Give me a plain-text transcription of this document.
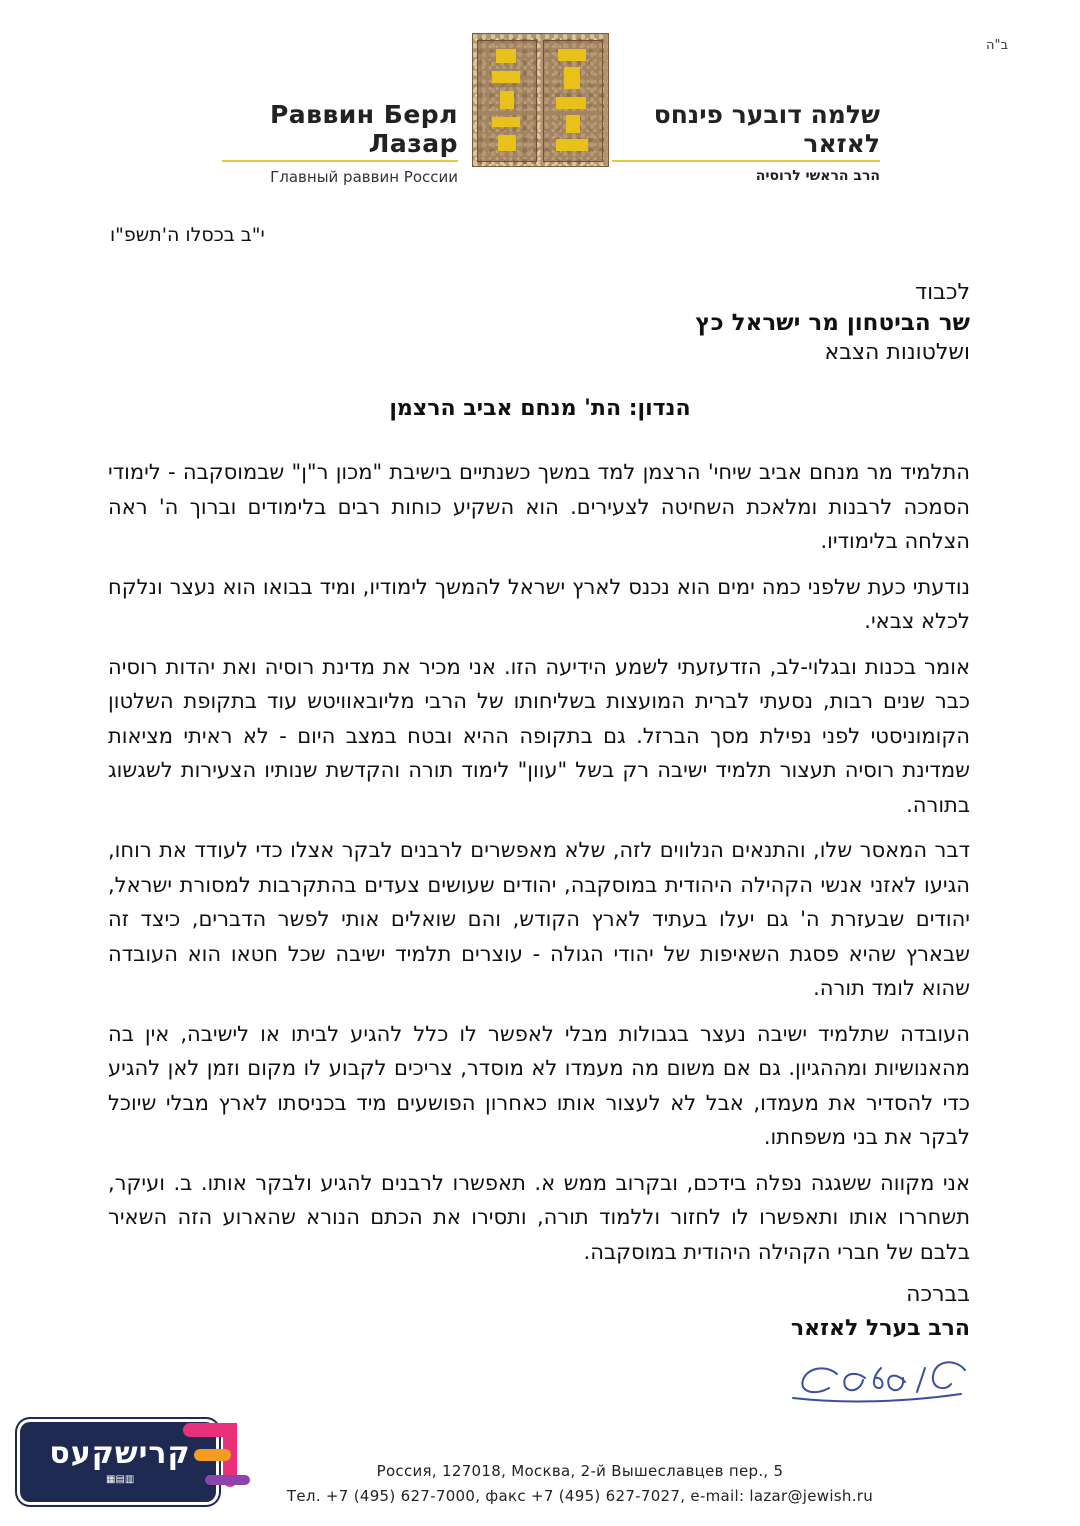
ב"ה
Раввин Берл Лазар
Главный раввин России
שלמה דובער פינחס לאזאר
הרב הראשי לרוסיה
י"ב בכסלו ה'תשפ"ו
לכבוד
שר הביטחון מר ישראל כץ
ושלטונות הצבא
הנדון: הת' מנחם אביב הרצמן

התלמיד מר מנחם אביב שיחי' הרצמן למד במשך כשנתיים בישיבת "מכון ר"ן" שבמוסקבה - לימודי הסמכה לרבנות ומלאכת השחיטה לצעירים. הוא השקיע כוחות רבים בלימודים וברוך ה' ראה הצלחה בלימודיו.

נודעתי כעת שלפני כמה ימים הוא נכנס לארץ ישראל להמשך לימודיו, ומיד בבואו הוא נעצר ונלקח לכלא צבאי.

אומר בכנות ובגלוי-לב, הזדעזעתי לשמע הידיעה הזו. אני מכיר את מדינת רוסיה ואת יהדות רוסיה כבר שנים רבות, נסעתי לברית המועצות בשליחותו של הרבי מליובאוויטש עוד בתקופת השלטון הקומוניסטי לפני נפילת מסך הברזל. גם בתקופה ההיא ובטח במצב היום - לא ראיתי מציאות שמדינת רוסיה תעצור תלמיד ישיבה רק בשל "עוון" לימוד תורה והקדשת שנותיו הצעירות לשגשוג בתורה.

דבר המאסר שלו, והתנאים הנלווים לזה, שלא מאפשרים לרבנים לבקר אצלו כדי לעודד את רוחו, הגיעו לאזני אנשי הקהילה היהודית במוסקבה, יהודים שעושים צעדים בהתקרבות למסורת ישראל, יהודים שבעזרת ה' גם יעלו בעתיד לארץ הקודש, והם שואלים אותי לפשר הדברים, כיצד זה שבארץ שהיא פסגת השאיפות של יהודי הגולה - עוצרים תלמיד ישיבה שכל חטאו הוא העובדה שהוא לומד תורה.

העובדה שתלמיד ישיבה נעצר בגבולות מבלי לאפשר לו כלל להגיע לביתו או לישיבה, אין בה מהאנושיות ומההגיון. גם אם משום מה מעמדו לא מוסדר, צריכים לקבוע לו מקום וזמן לאן להגיע כדי להסדיר את מעמדו, אבל לא לעצור אותו כאחרון הפושעים מיד בכניסתו לארץ מבלי שיוכל לבקר את בני משפחתו.

אני מקווה ששגגה נפלה בידכם, ובקרוב ממש א. תאפשרו לרבנים להגיע ולבקר אותו. ב. ועיקר, תשחררו אותו ותאפשרו לו לחזור וללמוד תורה, ותסירו את הכתם הנורא שהארוע הזה השאיר בלבם של חברי הקהילה היהודית במוסקבה.

בברכה
הרב בערל לאזאר
Россия, 127018, Москва, 2-й Вышеславцев пер., 5
Тел. +7 (495) 627-7000, факс +7 (495) 627-7027, e-mail: lazar@jewish.ru
קרישקעס
▦▤▥
